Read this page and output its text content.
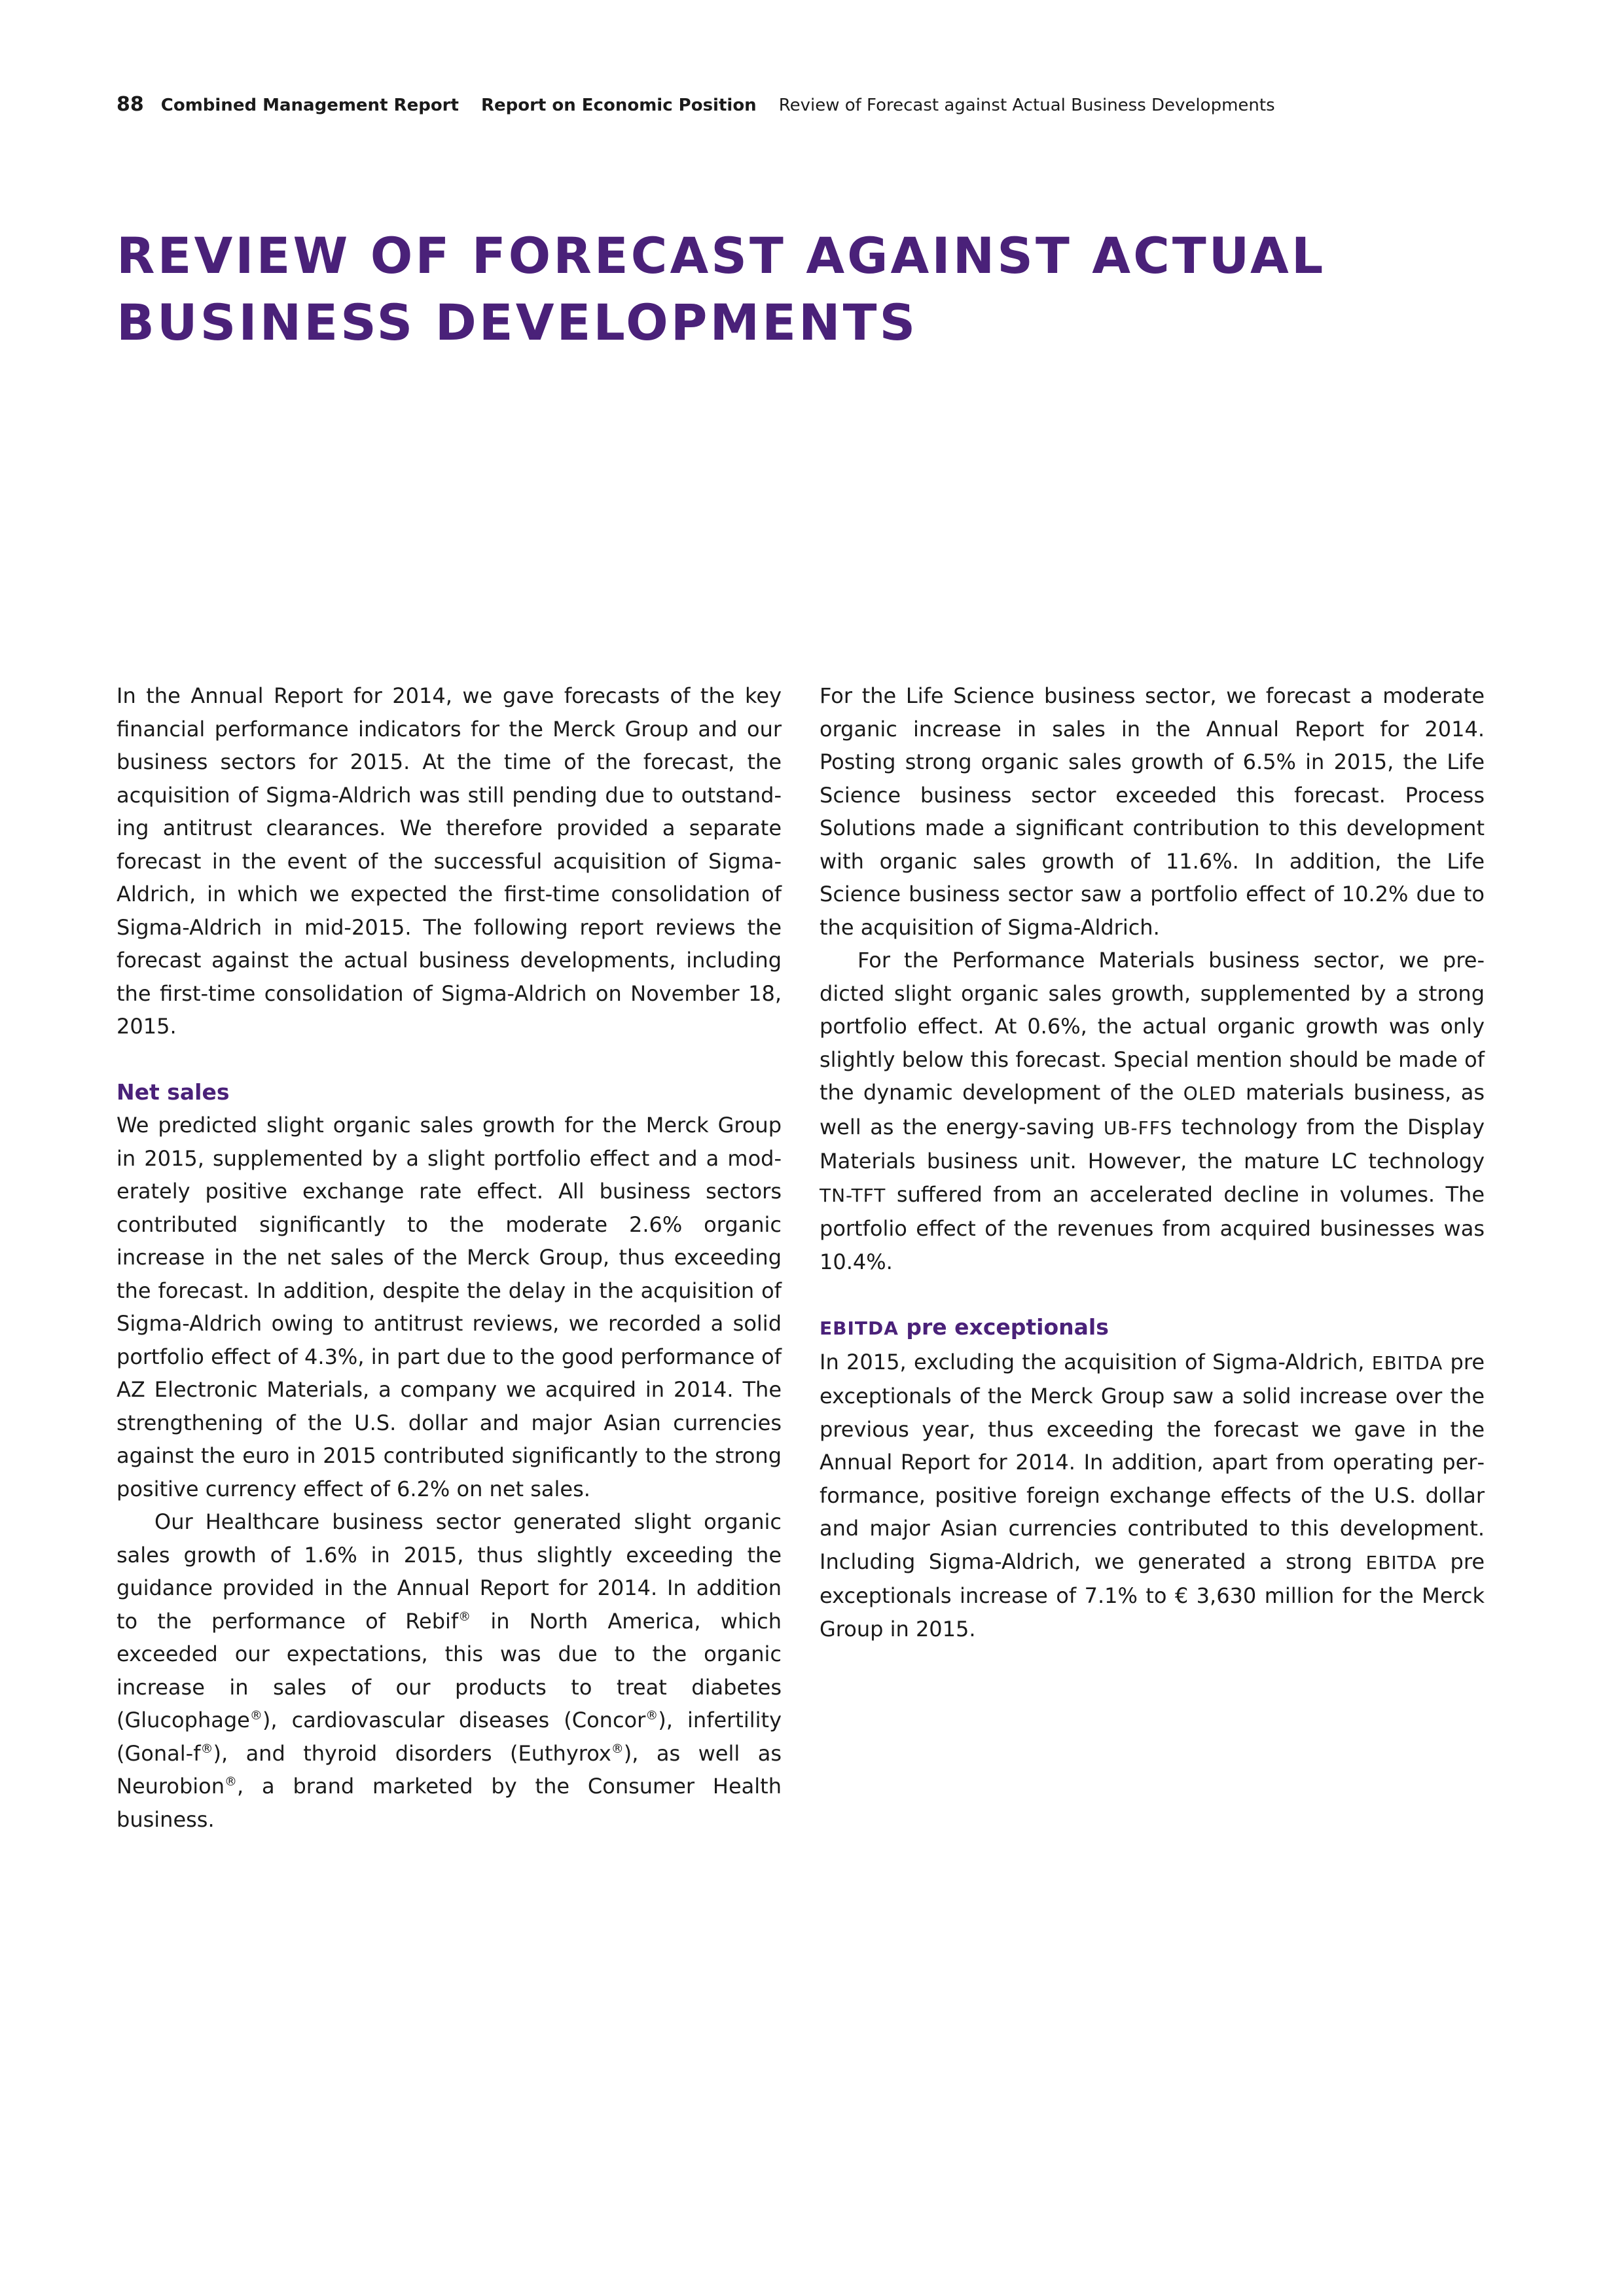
88 Combined Management Report Report on Economic Position Review of Forecast against Actual Business Developments
REVIEW OF FORECAST AGAINST ACTUAL
BUSINESS DEVELOPMENTS

In the Annual Report for 2014, we gave forecasts of the key financial performance indicators for the Merck Group and our business sectors for 2015. At the time of the forecast, the acquisition of Sigma-Aldrich was still pending due to outstanding antitrust clearances. We therefore provided a separate forecast in the event of the successful acquisition of Sigma-Aldrich, in which we expected the first-time consolidation of Sigma-Aldrich in mid-2015. The following report reviews the forecast against the actual business developments, including the first-time consolidation of Sigma-Aldrich on November 18, 2015.

Net sales

We predicted slight organic sales growth for the Merck Group in 2015, supplemented by a slight portfolio effect and a moderately positive exchange rate effect. All business sectors contributed significantly to the moderate 2.6% organic increase in the net sales of the Merck Group, thus exceeding the forecast. In addition, despite the delay in the acquisition of Sigma-Aldrich owing to antitrust reviews, we recorded a solid portfolio effect of 4.3%, in part due to the good performance of AZ Electronic Materials, a company we acquired in 2014. The strengthening of the U.S. dollar and major Asian currencies against the euro in 2015 contributed significantly to the strong positive currency effect of 6.2% on net sales.

Our Healthcare business sector generated slight organic sales growth of 1.6% in 2015, thus slightly exceeding the guidance provided in the Annual Report for 2014. In addition to the performance of Rebif® in North America, which exceeded our expectations, this was due to the organic increase in sales of our products to treat diabetes (Glucophage®), cardiovascular diseases (Concor®), infertility (Gonal-f®), and thyroid disorders (Euthyrox®), as well as Neurobion®, a brand marketed by the Consumer Health business.

For the Life Science business sector, we forecast a moderate organic increase in sales in the Annual Report for 2014. Posting strong organic sales growth of 6.5% in 2015, the Life Science business sector exceeded this forecast. Process Solutions made a significant contribution to this development with organic sales growth of 11.6%. In addition, the Life Science business sector saw a portfolio effect of 10.2% due to the acquisition of Sigma-Aldrich.

For the Performance Materials business sector, we predicted slight organic sales growth, supplemented by a strong portfolio effect. At 0.6%, the actual organic growth was only slightly below this forecast. Special mention should be made of the dynamic development of the OLED materials business, as well as the energy-saving UB-FFS technology from the Display Materials business unit. However, the mature LC technology TN-TFT suffered from an accelerated decline in volumes. The portfolio effect of the revenues from acquired businesses was 10.4%.

EBITDA pre exceptionals

In 2015, excluding the acquisition of Sigma-Aldrich, EBITDA pre exceptionals of the Merck Group saw a solid increase over the previous year, thus exceeding the forecast we gave in the Annual Report for 2014. In addition, apart from operating performance, positive foreign exchange effects of the U.S. dollar and major Asian currencies contributed to this development. Including Sigma-Aldrich, we generated a strong EBITDA pre exceptionals increase of 7.1% to € 3,630 million for the Merck Group in 2015.
